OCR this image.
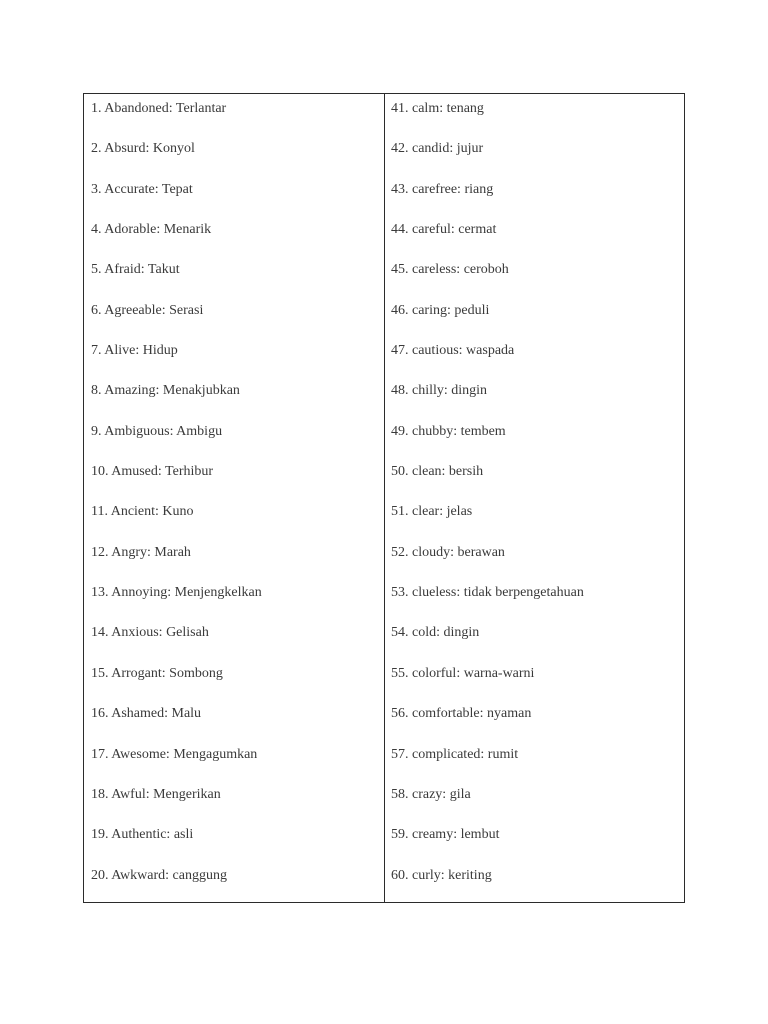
1. Abandoned: Terlantar
2. Absurd: Konyol
3. Accurate: Tepat
4. Adorable: Menarik
5. Afraid: Takut
6. Agreeable: Serasi
7. Alive: Hidup
8. Amazing: Menakjubkan
9. Ambiguous: Ambigu
10. Amused: Terhibur
11. Ancient: Kuno
12. Angry: Marah
13. Annoying: Menjengkelkan
14. Anxious: Gelisah
15. Arrogant: Sombong
16. Ashamed: Malu
17. Awesome: Mengagumkan
18. Awful: Mengerikan
19. Authentic: asli
20. Awkward: canggung
41. calm: tenang
42. candid: jujur
43. carefree: riang
44. careful: cermat
45. careless: ceroboh
46. caring: peduli
47. cautious: waspada
48. chilly: dingin
49. chubby: tembem
50. clean: bersih
51. clear: jelas
52. cloudy: berawan
53. clueless: tidak berpengetahuan
54. cold: dingin
55. colorful: warna-warni
56. comfortable: nyaman
57. complicated: rumit
58. crazy: gila
59. creamy: lembut
60. curly: keriting
